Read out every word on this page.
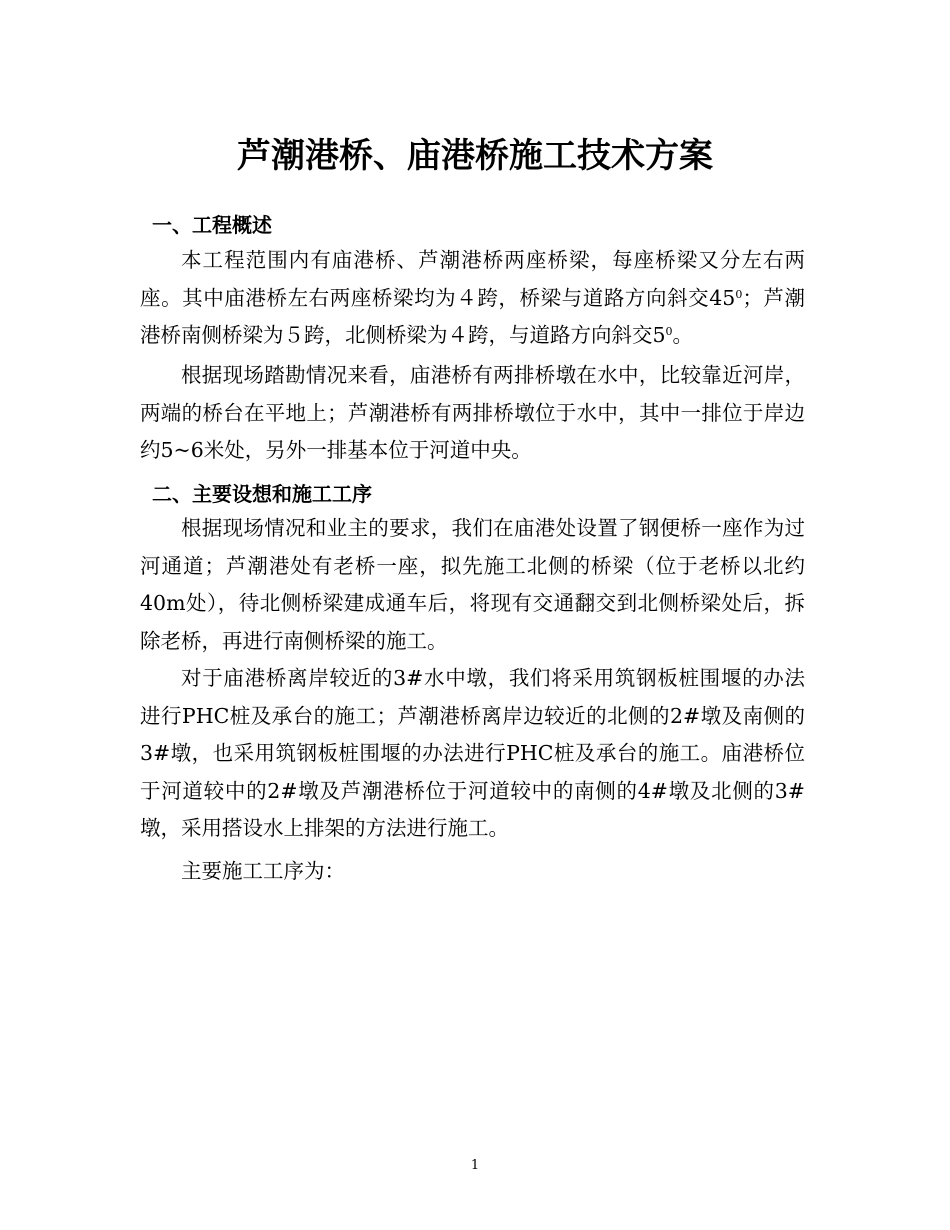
芦潮港桥、庙港桥施工技术方案
一、工程概述

本工程范围内有庙港桥、芦潮港桥两座桥梁，每座桥梁又分左右两座。其中庙港桥左右两座桥梁均为４跨，桥梁与道路方向斜交$45^0$；芦潮港桥南侧桥梁为５跨，北侧桥梁为４跨，与道路方向斜交$5^0$。

根据现场踏勘情况来看，庙港桥有两排桥墩在水中，比较靠近河岸，两端的桥台在平地上；芦潮港桥有两排桥墩位于水中，其中一排位于岸边约5~6米处，另外一排基本位于河道中央。

二、主要设想和施工工序

根据现场情况和业主的要求，我们在庙港处设置了钢便桥一座作为过河通道；芦潮港处有老桥一座，拟先施工北侧的桥梁（位于老桥以北约40m处），待北侧桥梁建成通车后，将现有交通翻交到北侧桥梁处后，拆除老桥，再进行南侧桥梁的施工。

对于庙港桥离岸较近的3#水中墩，我们将采用筑钢板桩围堰的办法进行PHC桩及承台的施工；芦潮港桥离岸边较近的北侧的2#墩及南侧的3#墩，也采用筑钢板桩围堰的办法进行PHC桩及承台的施工。庙港桥位于河道较中的2#墩及芦潮港桥位于河道较中的南侧的4#墩及北侧的3#墩，采用搭设水上排架的方法进行施工。

主要施工工序为：

1
